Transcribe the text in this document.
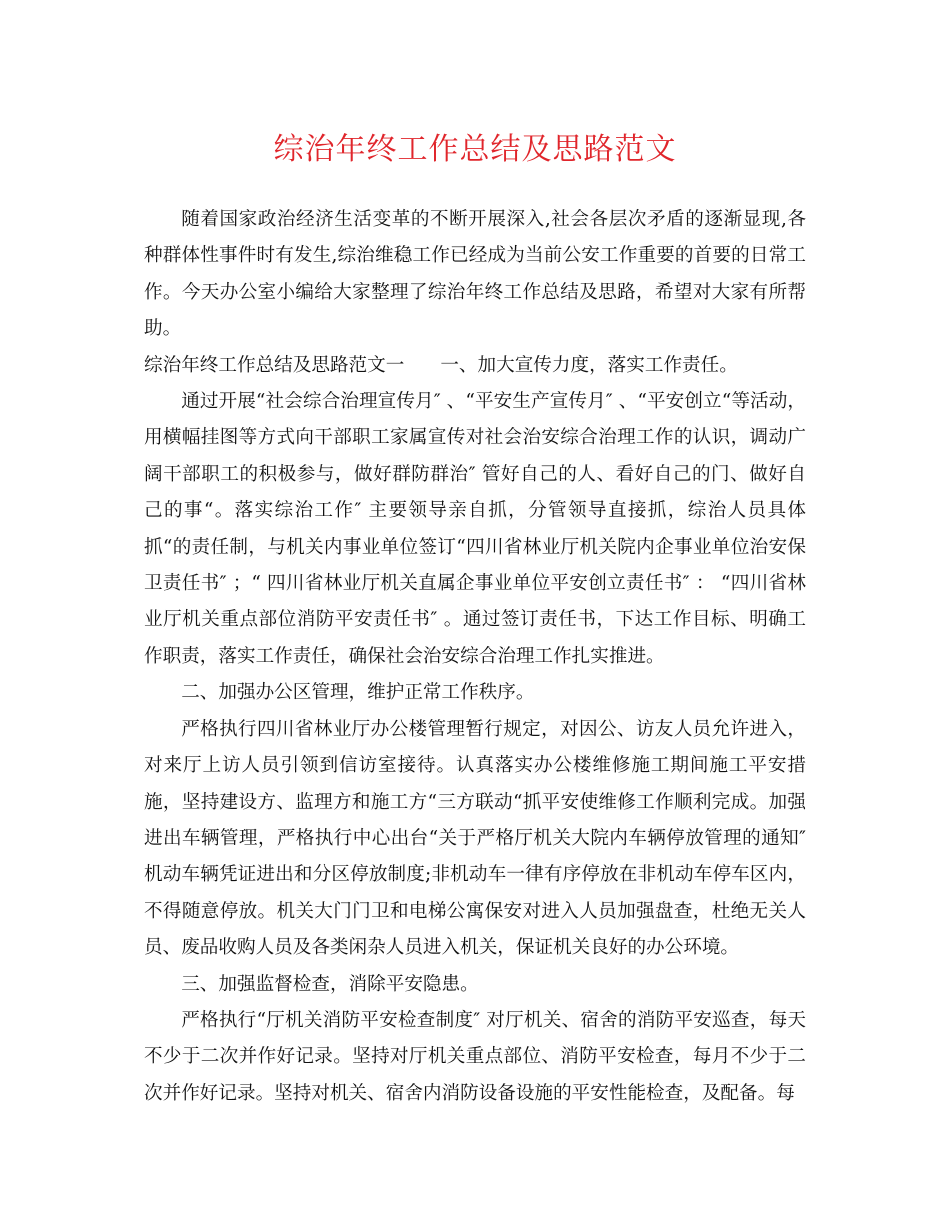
综治年终工作总结及思路范文

随着国家政治经济生活变革的不断开展深入,社会各层次矛盾的逐渐显现,各种群体性事件时有发生,综治维稳工作已经成为当前公安工作重要的首要的日常工作。今天办公室小编给大家整理了综治年终工作总结及思路，希望对大家有所帮助。

综治年终工作总结及思路范文一 一、加大宣传力度，落实工作责任。

通过开展“社会综合治理宣传月″ 、“平安生产宣传月″ 、“平安创立“等活动，用横幅挂图等方式向干部职工家属宣传对社会治安综合治理工作的认识，调动广阔干部职工的积极参与，做好群防群治″ 管好自己的人、看好自己的门、做好自己的事“。落实综治工作″ 主要领导亲自抓，分管领导直接抓，综治人员具体抓“的责任制，与机关内事业单位签订“四川省林业厅机关院内企事业单位治安保卫责任书″ ；“ 四川省林业厅机关直属企事业单位平安创立责任书″ ： “四川省林业厅机关重点部位消防平安责任书″ 。通过签订责任书，下达工作目标、明确工作职责，落实工作责任，确保社会治安综合治理工作扎实推进。

二、加强办公区管理，维护正常工作秩序。

严格执行四川省林业厅办公楼管理暂行规定，对因公、访友人员允许进入，对来厅上访人员引领到信访室接待。认真落实办公楼维修施工期间施工平安措施，坚持建设方、监理方和施工方“三方联动“抓平安使维修工作顺利完成。加强进出车辆管理，严格执行中心出台“关于严格厅机关大院内车辆停放管理的通知″ 机动车辆凭证进出和分区停放制度;非机动车一律有序停放在非机动车停车区内，不得随意停放。机关大门门卫和电梯公寓保安对进入人员加强盘查，杜绝无关人员、废品收购人员及各类闲杂人员进入机关，保证机关良好的办公环境。

三、加强监督检查，消除平安隐患。

严格执行“厅机关消防平安检查制度″ 对厅机关、宿舍的消防平安巡查，每天不少于二次并作好记录。坚持对厅机关重点部位、消防平安检查，每月不少于二次并作好记录。坚持对机关、宿舍内消防设备设施的平安性能检查，及配备。每
